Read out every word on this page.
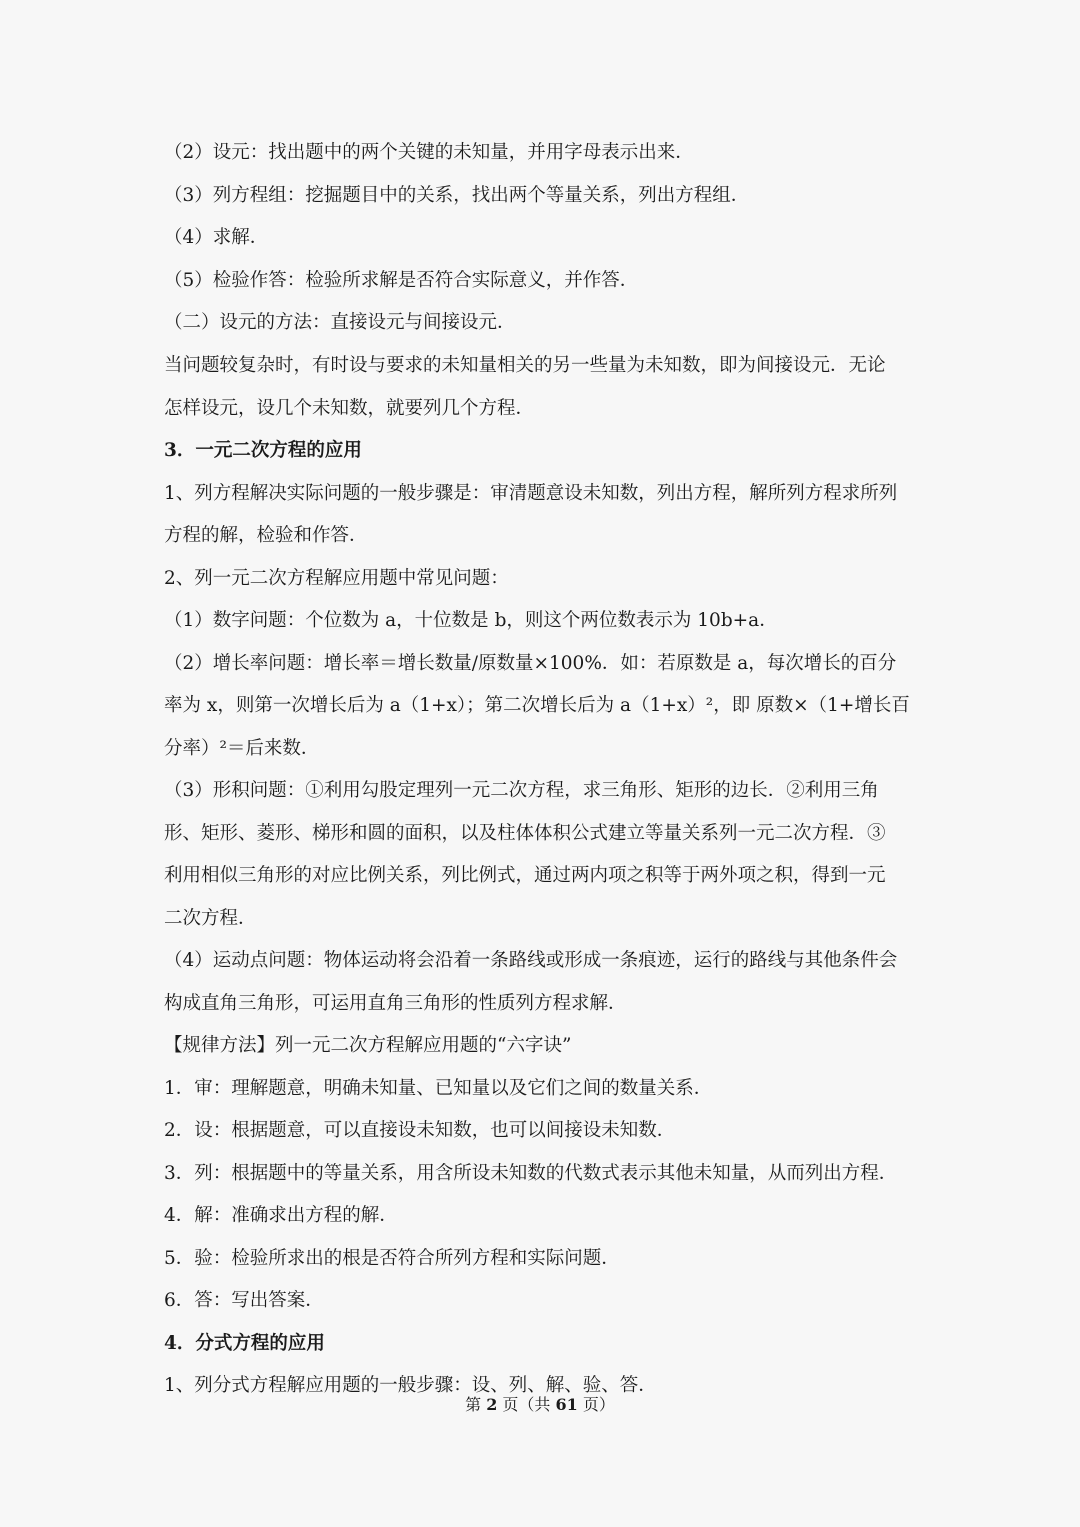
（2）设元：找出题中的两个关键的未知量，并用字母表示出来．
（3）列方程组：挖掘题目中的关系，找出两个等量关系，列出方程组．
（4）求解．
（5）检验作答：检验所求解是否符合实际意义，并作答．
（二）设元的方法：直接设元与间接设元．
当问题较复杂时，有时设与要求的未知量相关的另一些量为未知数，即为间接设元．无论
怎样设元，设几个未知数，就要列几个方程．
3．一元二次方程的应用
1、列方程解决实际问题的一般步骤是：审清题意设未知数，列出方程，解所列方程求所列
方程的解，检验和作答．
2、列一元二次方程解应用题中常见问题：
（1）数字问题：个位数为 a，十位数是 b，则这个两位数表示为 10b+a．
（2）增长率问题：增长率＝增长数量/原数量×100%．如：若原数是 a，每次增长的百分
率为 x，则第一次增长后为 a（1+x）；第二次增长后为 a（1+x）²，即 原数×（1+增长百
分率）²＝后来数．
（3）形积问题：①利用勾股定理列一元二次方程，求三角形、矩形的边长．②利用三角
形、矩形、菱形、梯形和圆的面积，以及柱体体积公式建立等量关系列一元二次方程．③
利用相似三角形的对应比例关系，列比例式，通过两内项之积等于两外项之积，得到一元
二次方程．
（4）运动点问题：物体运动将会沿着一条路线或形成一条痕迹，运行的路线与其他条件会
构成直角三角形，可运用直角三角形的性质列方程求解．
【规律方法】列一元二次方程解应用题的“六字诀”
1．审：理解题意，明确未知量、已知量以及它们之间的数量关系．
2．设：根据题意，可以直接设未知数，也可以间接设未知数．
3．列：根据题中的等量关系，用含所设未知数的代数式表示其他未知量，从而列出方程．
4．解：准确求出方程的解．
5．验：检验所求出的根是否符合所列方程和实际问题．
6．答：写出答案．
4．分式方程的应用
1、列分式方程解应用题的一般步骤：设、列、解、验、答．
第 2 页（共 61 页）
